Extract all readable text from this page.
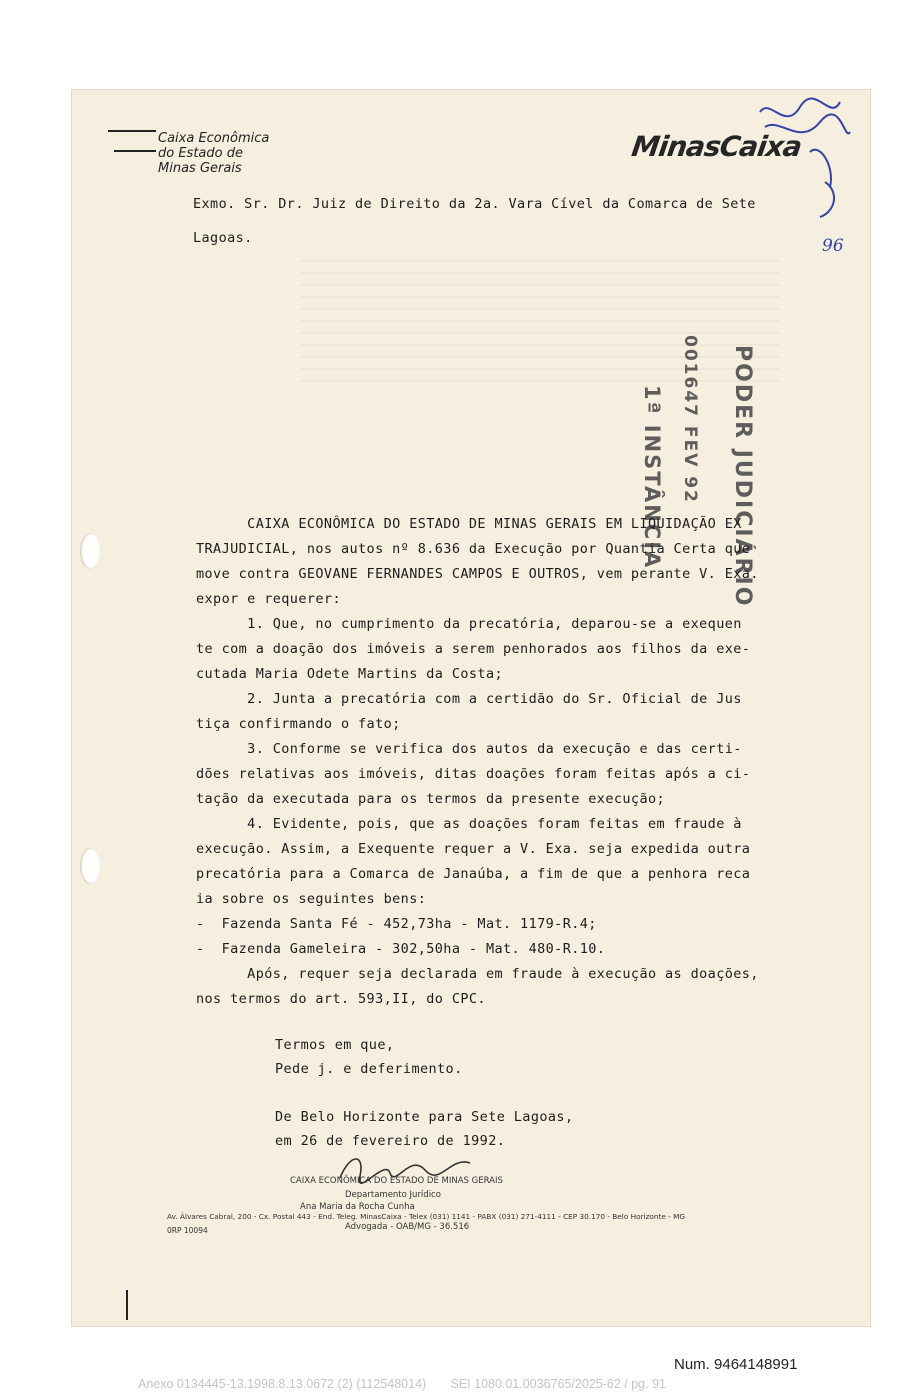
Caixa Econômica
do Estado de
Minas Gerais
MinasCaixa
96
Exmo. Sr. Dr. Juiz de Direito da 2a. Vara Cível da Comarca de Sete
Lagoas.
PODER JUDICIÁRIO
001647 FEV 92
1ª INSTÂNCIA
CAIXA ECONÔMICA DO ESTADO DE MINAS GERAIS EM LIQUIDAÇÃO EX
TRAJUDICIAL, nos autos nº 8.636 da Execução por Quantia Certa que
move contra GEOVANE FERNANDES CAMPOS E OUTROS, vem perante V. Exa.
expor e requerer:
1. Que, no cumprimento da precatória, deparou-se a exequen
te com a doação dos imóveis a serem penhorados aos filhos da exe-
cutada Maria Odete Martins da Costa;
2. Junta a precatória com a certidão do Sr. Oficial de Jus
tiça confirmando o fato;
3. Conforme se verifica dos autos da execução e das certi-
dões relativas aos imóveis, ditas doações foram feitas após a ci-
tação da executada para os termos da presente execução;
4. Evidente, pois, que as doações foram feitas em fraude à
execução. Assim, a Exequente requer a V. Exa. seja expedida outra
precatória para a Comarca de Janaúba, a fim de que a penhora reca
ia sobre os seguintes bens:
-  Fazenda Santa Fé - 452,73ha - Mat. 1179-R.4;
-  Fazenda Gameleira - 302,50ha - Mat. 480-R.10.
Após, requer seja declarada em fraude à execução as doações,
nos termos do art. 593,II, do CPC.
Termos em que,
Pede j. e deferimento.
De Belo Horizonte para Sete Lagoas,
em 26 de fevereiro de 1992.
CAIXA ECONÔMICA DO ESTADO DE MINAS GERAIS
Departamento Jurídico
Ana Maria da Rocha Cunha
Advogada - OAB/MG - 36.516
Av. Álvares Cabral, 200 - Cx. Postal 443 - End. Teleg. MinasCaixa - Telex (031) 1141 - PABX (031) 271-4111 - CEP 30.170 - Belo Horizonte - MG
0RP 10094
Num. 9464148991
Anexo 0134445-13.1998.8.13.0672 (2) (112548014)       SEI 1080.01.0036765/2025-62 / pg. 91
